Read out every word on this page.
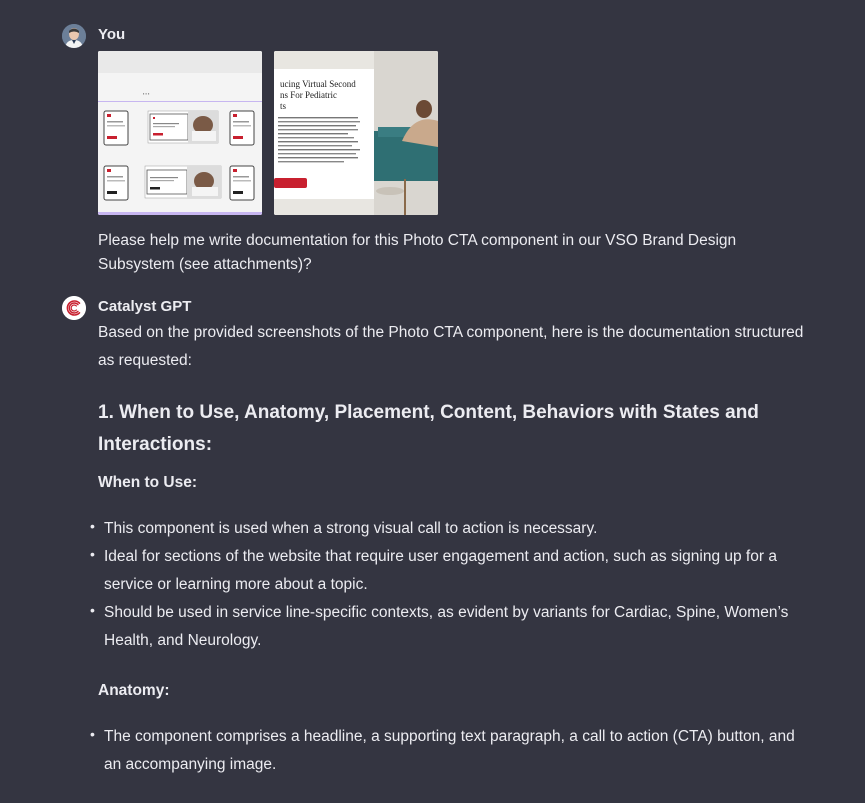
You
▪ ▪ ▪
ucing Virtual Second
ns For Pediatric
ts
Please help me write documentation for this Photo CTA component in our VSO Brand Design Subsystem (see attachments)?
Catalyst GPT

Based on the provided screenshots of the Photo CTA component, here is the documentation structured as requested:

1. When to Use, Anatomy, Placement, Content, Behaviors with States and Interactions:
When to Use:
• This component is used when a strong visual call to action is necessary.
• Ideal for sections of the website that require user engagement and action, such as signing up for a service or learning more about a topic.
• Should be used in service line-specific contexts, as evident by variants for Cardiac, Spine, Women’s Health, and Neurology.
Anatomy:
• The component comprises a headline, a supporting text paragraph, a call to action (CTA) button, and an accompanying image.
